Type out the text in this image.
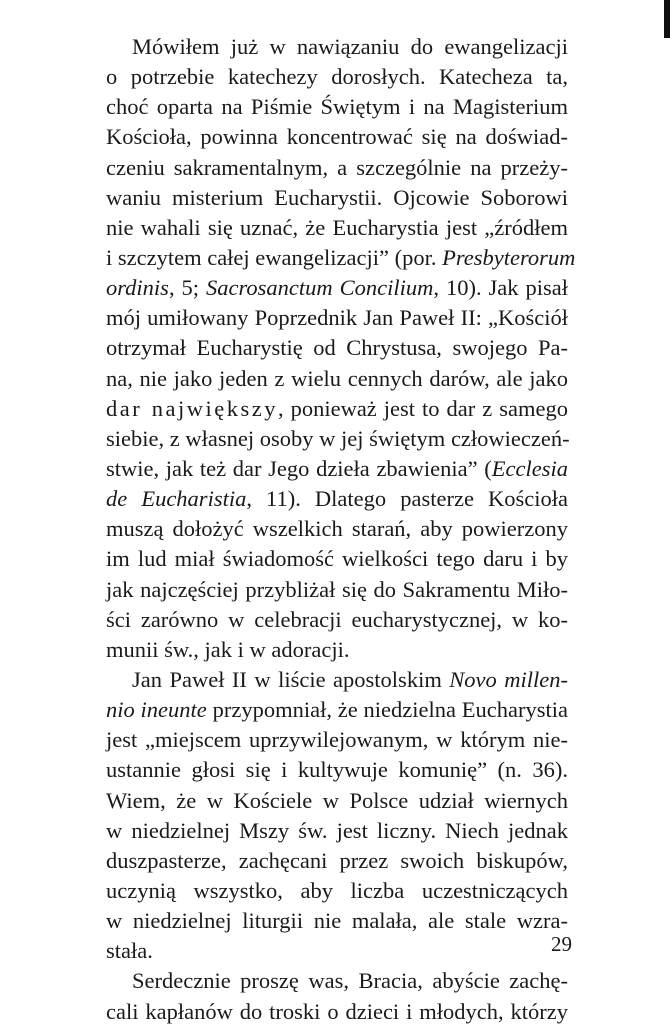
Mówiłem już w nawiązaniu do ewangelizacji
o potrzebie katechezy dorosłych. Katecheza ta,
choć oparta na Piśmie Świętym i na Magisterium
Kościoła, powinna koncentrować się na doświad-
czeniu sakramentalnym, a szczególnie na przeży-
waniu misterium Eucharystii. Ojcowie Soborowi
nie wahali się uznać, że Eucharystia jest „źródłem
i szczytem całej ewangelizacji” (por. Presbyterorum
ordinis, 5; Sacrosanctum Concilium, 10). Jak pisał
mój umiłowany Poprzednik Jan Paweł II: „Kościół
otrzymał Eucharystię od Chrystusa, swojego Pa-
na, nie jako jeden z wielu cennych darów, ale jako
dar największy, ponieważ jest to dar z samego
siebie, z własnej osoby w jej świętym człowieczeń-
stwie, jak też dar Jego dzieła zbawienia” (Ecclesia
de Eucharistia, 11). Dlatego pasterze Kościoła
muszą dołożyć wszelkich starań, aby powierzony
im lud miał świadomość wielkości tego daru i by
jak najczęściej przybliżał się do Sakramentu Miło-
ści zarówno w celebracji eucharystycznej, w ko-
munii św., jak i w adoracji.
Jan Paweł II w liście apostolskim Novo millen-
nio ineunte przypomniał, że niedzielna Eucharystia
jest „miejscem uprzywilejowanym, w którym nie-
ustannie głosi się i kultywuje komunię” (n. 36).
Wiem, że w Kościele w Polsce udział wiernych
w niedzielnej Mszy św. jest liczny. Niech jednak
duszpasterze, zachęcani przez swoich biskupów,
uczynią wszystko, aby liczba uczestniczących
w niedzielnej liturgii nie malała, ale stale wzra-
stała.
Serdecznie proszę was, Bracia, abyście zachę-
cali kapłanów do troski o dzieci i młodych, którzy
29
